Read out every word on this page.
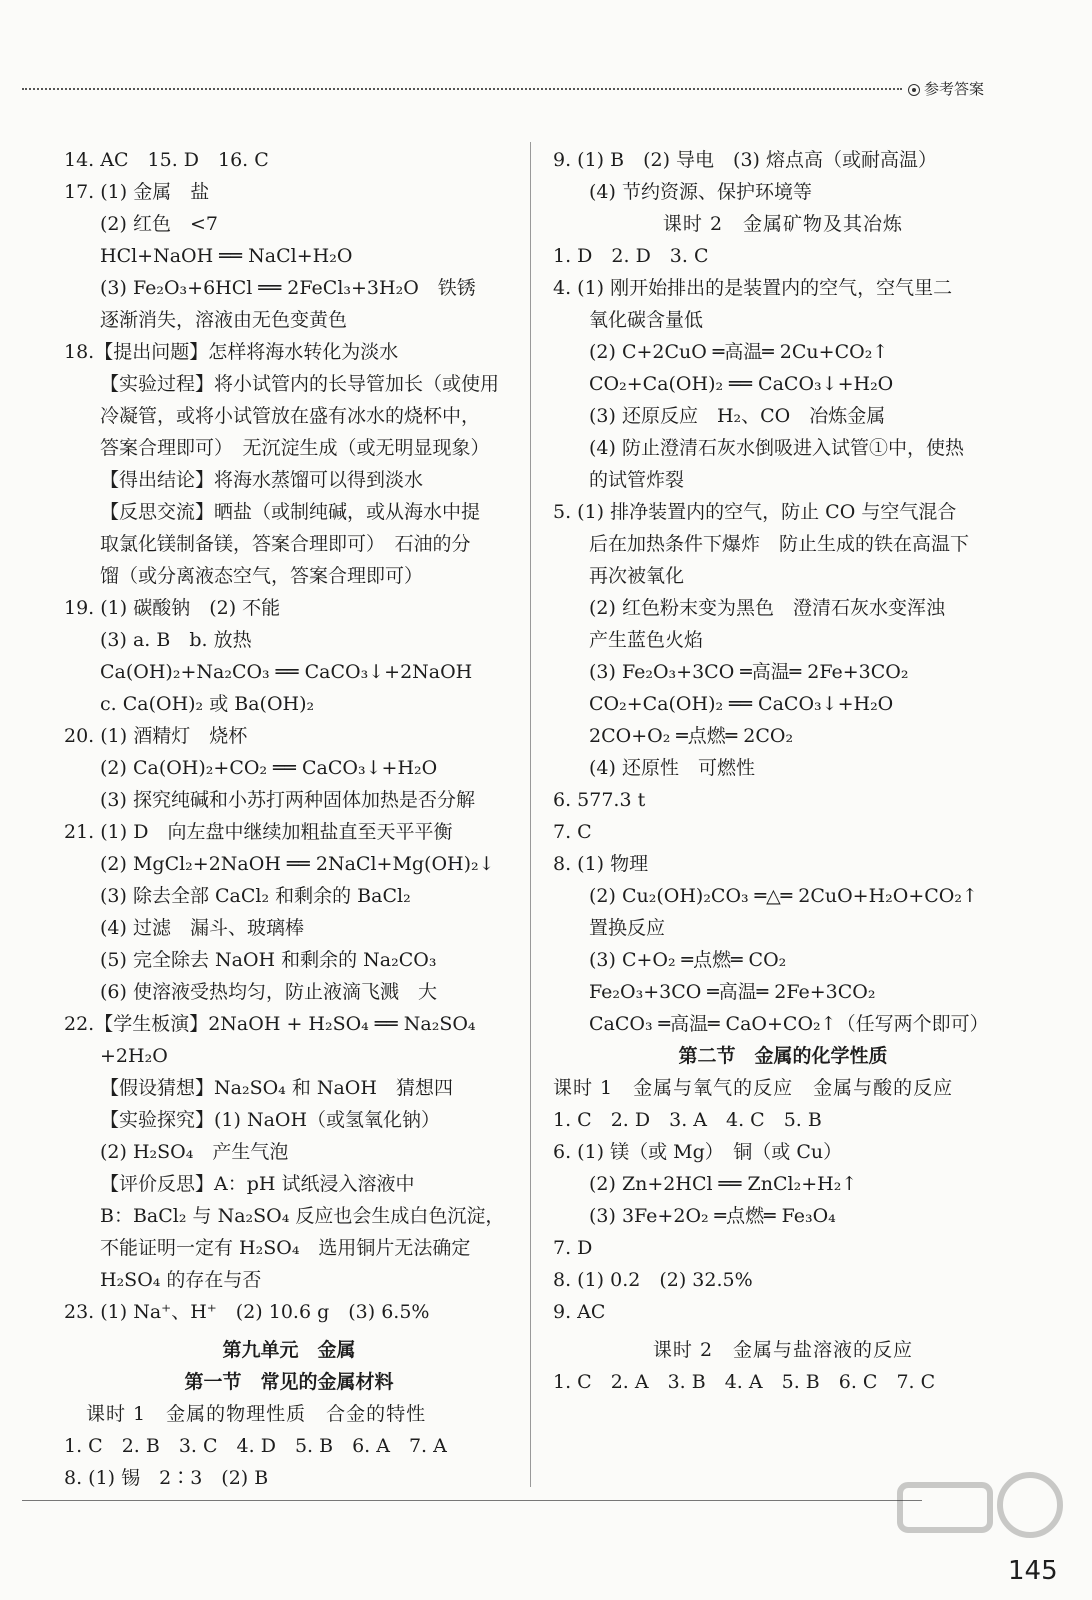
参考答案
14. AC　15. D　16. C
17. (1) 金属　盐
(2) 红色　<7
HCl+NaOH ══ NaCl+H₂O
(3) Fe₂O₃+6HCl ══ 2FeCl₃+3H₂O　铁锈
逐渐消失，溶液由无色变黄色
18.【提出问题】怎样将海水转化为淡水
【实验过程】将小试管内的长导管加长（或使用
冷凝管，或将小试管放在盛有冰水的烧杯中，
答案合理即可）　无沉淀生成（或无明显现象）
【得出结论】将海水蒸馏可以得到淡水
【反思交流】晒盐（或制纯碱，或从海水中提
取氯化镁制备镁，答案合理即可）　石油的分
馏（或分离液态空气，答案合理即可）
19. (1) 碳酸钠　(2) 不能
(3) a. B　b. 放热
Ca(OH)₂+Na₂CO₃ ══ CaCO₃↓+2NaOH
c. Ca(OH)₂ 或 Ba(OH)₂
20. (1) 酒精灯　烧杯
(2) Ca(OH)₂+CO₂ ══ CaCO₃↓+H₂O
(3) 探究纯碱和小苏打两种固体加热是否分解
21. (1) D　向左盘中继续加粗盐直至天平平衡
(2) MgCl₂+2NaOH ══ 2NaCl+Mg(OH)₂↓
(3) 除去全部 CaCl₂ 和剩余的 BaCl₂
(4) 过滤　漏斗、玻璃棒
(5) 完全除去 NaOH 和剩余的 Na₂CO₃
(6) 使溶液受热均匀，防止液滴飞溅　大
22.【学生板演】2NaOH + H₂SO₄ ══ Na₂SO₄
+2H₂O
【假设猜想】Na₂SO₄ 和 NaOH　猜想四
【实验探究】(1) NaOH（或氢氧化钠）
(2) H₂SO₄　产生气泡
【评价反思】A：pH 试纸浸入溶液中
B：BaCl₂ 与 Na₂SO₄ 反应也会生成白色沉淀，
不能证明一定有 H₂SO₄　选用铜片无法确定
H₂SO₄ 的存在与否
23. (1) Na⁺、H⁺　(2) 10.6 g　(3) 6.5%
第九单元　金属
第一节　常见的金属材料
课时 1　金属的物理性质　合金的特性
1. C　2. B　3. C　4. D　5. B　6. A　7. A
8. (1) 锡　2∶3　(2) B
9. (1) B　(2) 导电　(3) 熔点高（或耐高温）
(4) 节约资源、保护环境等
课时 2　金属矿物及其冶炼
1. D　2. D　3. C
4. (1) 刚开始排出的是装置内的空气，空气里二
氧化碳含量低
(2) C+2CuO ═高温═ 2Cu+CO₂↑
CO₂+Ca(OH)₂ ══ CaCO₃↓+H₂O
(3) 还原反应　H₂、CO　冶炼金属
(4) 防止澄清石灰水倒吸进入试管①中，使热
的试管炸裂
5. (1) 排净装置内的空气，防止 CO 与空气混合
后在加热条件下爆炸　防止生成的铁在高温下
再次被氧化
(2) 红色粉末变为黑色　澄清石灰水变浑浊
产生蓝色火焰
(3) Fe₂O₃+3CO ═高温═ 2Fe+3CO₂
CO₂+Ca(OH)₂ ══ CaCO₃↓+H₂O
2CO+O₂ ═点燃═ 2CO₂
(4) 还原性　可燃性
6. 577.3 t
7. C
8. (1) 物理
(2) Cu₂(OH)₂CO₃ ═△═ 2CuO+H₂O+CO₂↑
置换反应
(3) C+O₂ ═点燃═ CO₂
Fe₂O₃+3CO ═高温═ 2Fe+3CO₂
CaCO₃ ═高温═ CaO+CO₂↑（任写两个即可）
第二节　金属的化学性质
课时 1　金属与氧气的反应　金属与酸的反应
1. C　2. D　3. A　4. C　5. B
6. (1) 镁（或 Mg）　铜（或 Cu）
(2) Zn+2HCl ══ ZnCl₂+H₂↑
(3) 3Fe+2O₂ ═点燃═ Fe₃O₄
7. D
8. (1) 0.2　(2) 32.5%
9. AC
课时 2　金属与盐溶液的反应
1. C　2. A　3. B　4. A　5. B　6. C　7. C
145
